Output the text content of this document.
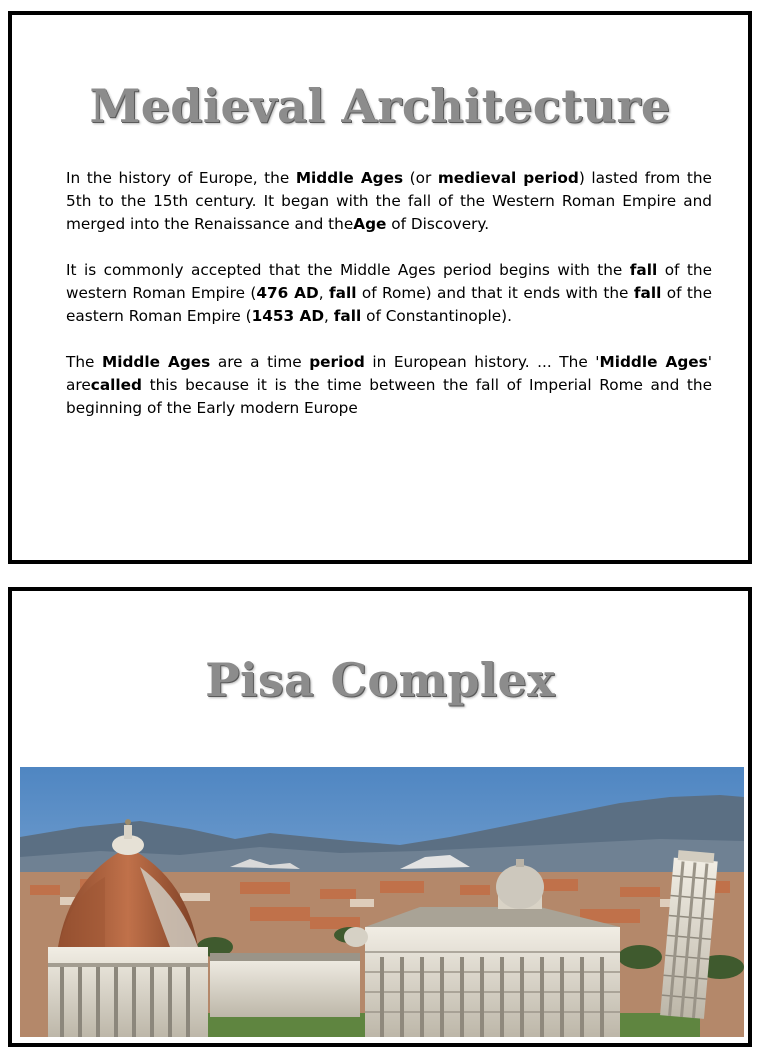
Medieval Architecture

In the history of Europe, the Middle Ages (or medieval period) lasted from the 5th to the 15th century. It began with the fall of the Western Roman Empire and merged into the Renaissance and theAge of Discovery.

It is commonly accepted that the Middle Ages period begins with the fall of the western Roman Empire (476 AD, fall of Rome) and that it ends with the fall of the eastern Roman Empire (1453 AD, fall of Constantinople).

The Middle Ages are a time period in European history. ... The 'Middle Ages' arecalled this because it is the time between the fall of Imperial Rome and the beginning of the Early modern Europe

Pisa Complex
